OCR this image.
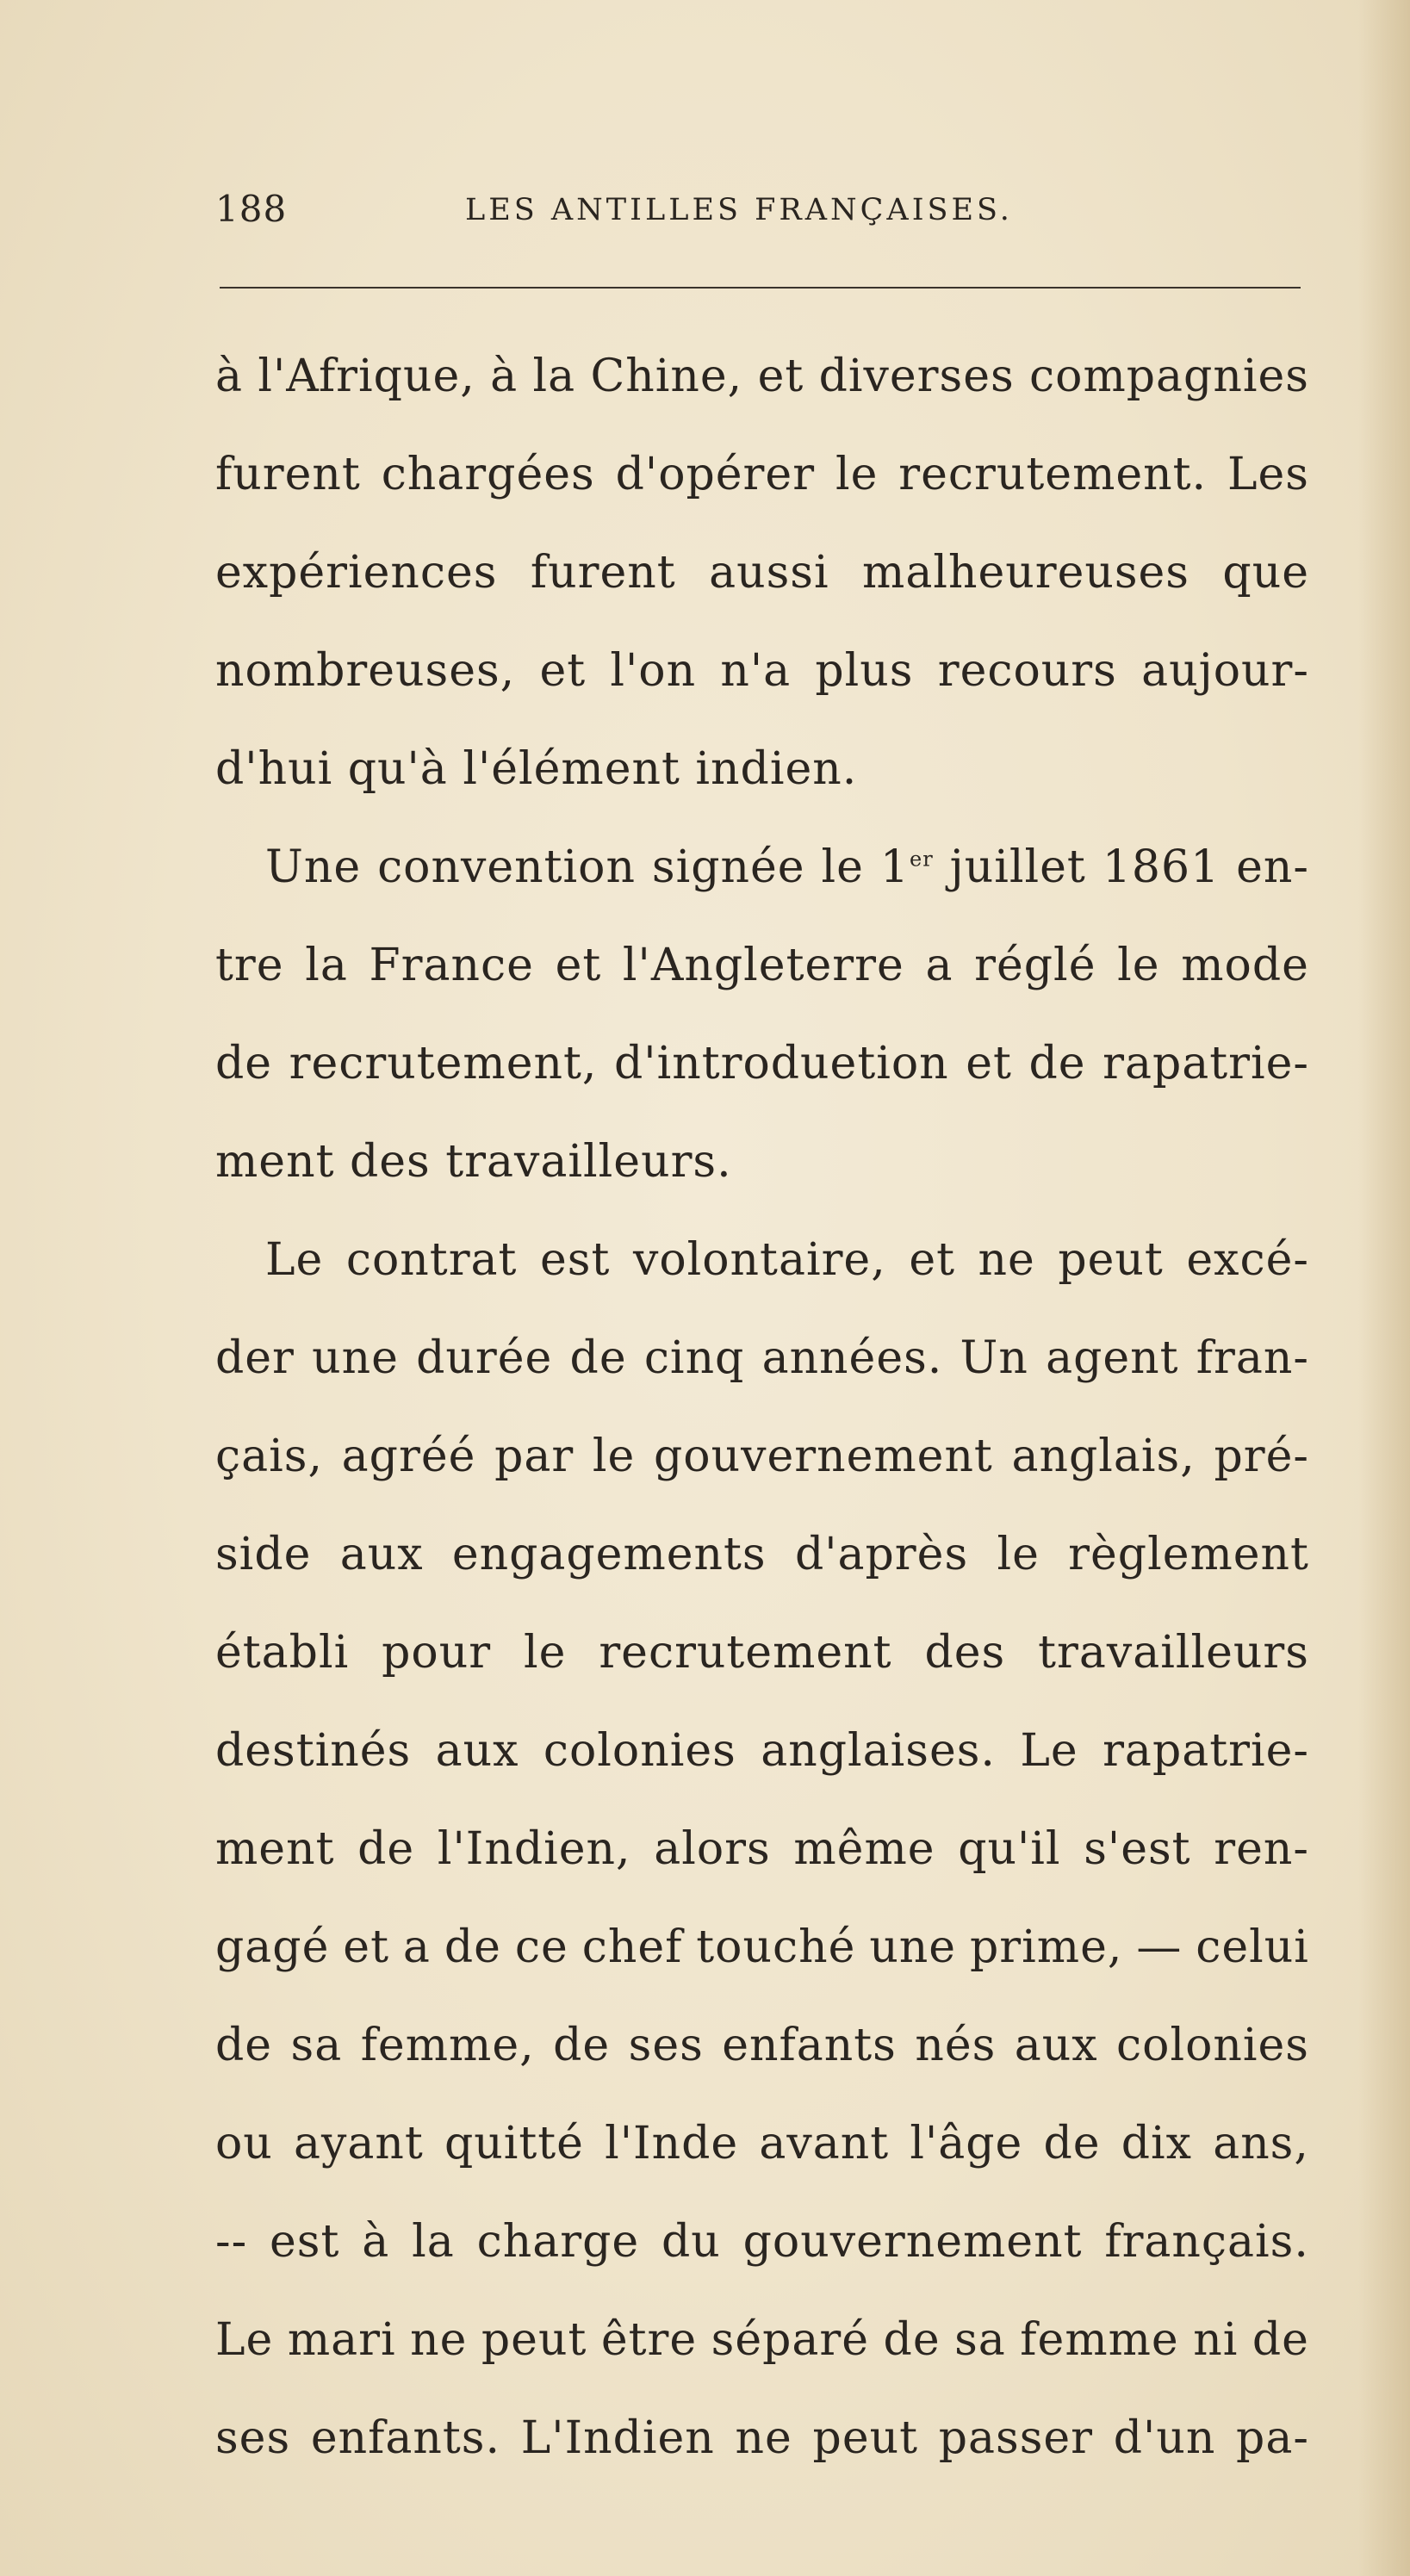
188	LES ANTILLES FRANÇAISES.
à l'Afrique, à la Chine, et diverses compagnies
furent chargées d'opérer le recrutement. Les
expériences furent aussi malheureuses que
nombreuses, et l'on n'a plus recours aujour-
d'hui qu'à l'élément indien.
Une convention signée le 1er juillet 1861 en-
tre la France et l'Angleterre a réglé le mode
de recrutement, d'introduetion et de rapatrie-
ment des travailleurs.
Le contrat est volontaire, et ne peut excé-
der une durée de cinq années. Un agent fran-
çais, agréé par le gouvernement anglais, pré-
side aux engagements d'après le règlement
établi pour le recrutement des travailleurs
destinés aux colonies anglaises. Le rapatrie-
ment de l'Indien, alors même qu'il s'est ren-
gagé et a de ce chef touché une prime, — celui
de sa femme, de ses enfants nés aux colonies
ou ayant quitté l'Inde avant l'âge de dix ans,
-- est à la charge du gouvernement français.
Le mari ne peut être séparé de sa femme ni de
ses enfants. L'Indien ne peut passer d'un pa-
